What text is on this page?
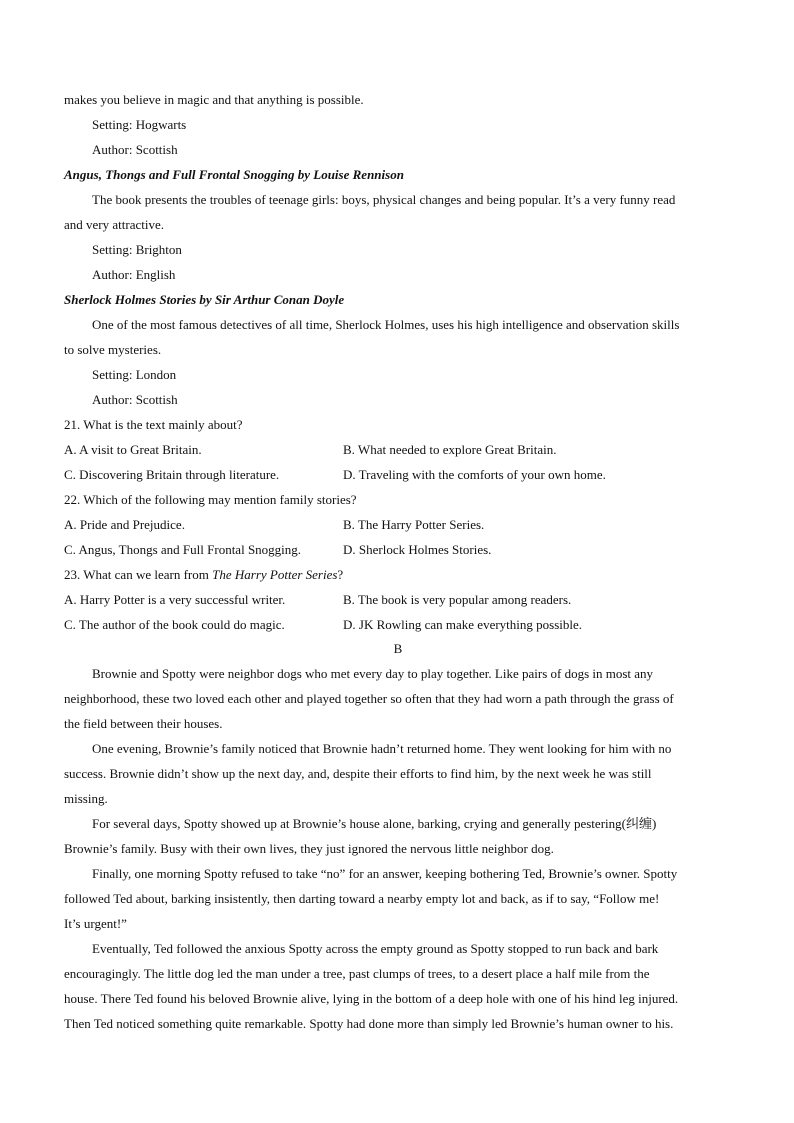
makes you believe in magic and that anything is possible.
Setting: Hogwarts
Author: Scottish
Angus, Thongs and Full Frontal Snogging by Louise Rennison
The book presents the troubles of teenage girls: boys, physical changes and being popular. It’s a very funny read
and very attractive.
Setting: Brighton
Author: English
Sherlock Holmes Stories by Sir Arthur Conan Doyle
One of the most famous detectives of all time, Sherlock Holmes, uses his high intelligence and observation skills
to solve mysteries.
Setting: London
Author: Scottish
21. What is the text mainly about?
A. A visit to Great Britain.	B. What needed to explore Great Britain.
C. Discovering Britain through literature.	D. Traveling with the comforts of your own home.
22. Which of the following may mention family stories?
A. Pride and Prejudice.	B. The Harry Potter Series.
C. Angus, Thongs and Full Frontal Snogging.	D. Sherlock Holmes Stories.
23. What can we learn from The Harry Potter Series?
A. Harry Potter is a very successful writer.	B. The book is very popular among readers.
C. The author of the book could do magic.	D. JK Rowling can make everything possible.
B
Brownie and Spotty were neighbor dogs who met every day to play together. Like pairs of dogs in most any
neighborhood, these two loved each other and played together so often that they had worn a path through the grass of
the field between their houses.
One evening, Brownie’s family noticed that Brownie hadn’t returned home. They went looking for him with no
success. Brownie didn’t show up the next day, and, despite their efforts to find him, by the next week he was still
missing.
For several days, Spotty showed up at Brownie’s house alone, barking, crying and generally pestering(纠缠)
Brownie’s family. Busy with their own lives, they just ignored the nervous little neighbor dog.
Finally, one morning Spotty refused to take “no” for an answer, keeping bothering Ted, Brownie’s owner. Spotty
followed Ted about, barking insistently, then darting toward a nearby empty lot and back, as if to say, “Follow me!
It’s urgent!”
Eventually, Ted followed the anxious Spotty across the empty ground as Spotty stopped to run back and bark
encouragingly. The little dog led the man under a tree, past clumps of trees, to a desert place a half mile from the
house. There Ted found his beloved Brownie alive, lying in the bottom of a deep hole with one of his hind leg injured.
Then Ted noticed something quite remarkable. Spotty had done more than simply led Brownie’s human owner to his.
